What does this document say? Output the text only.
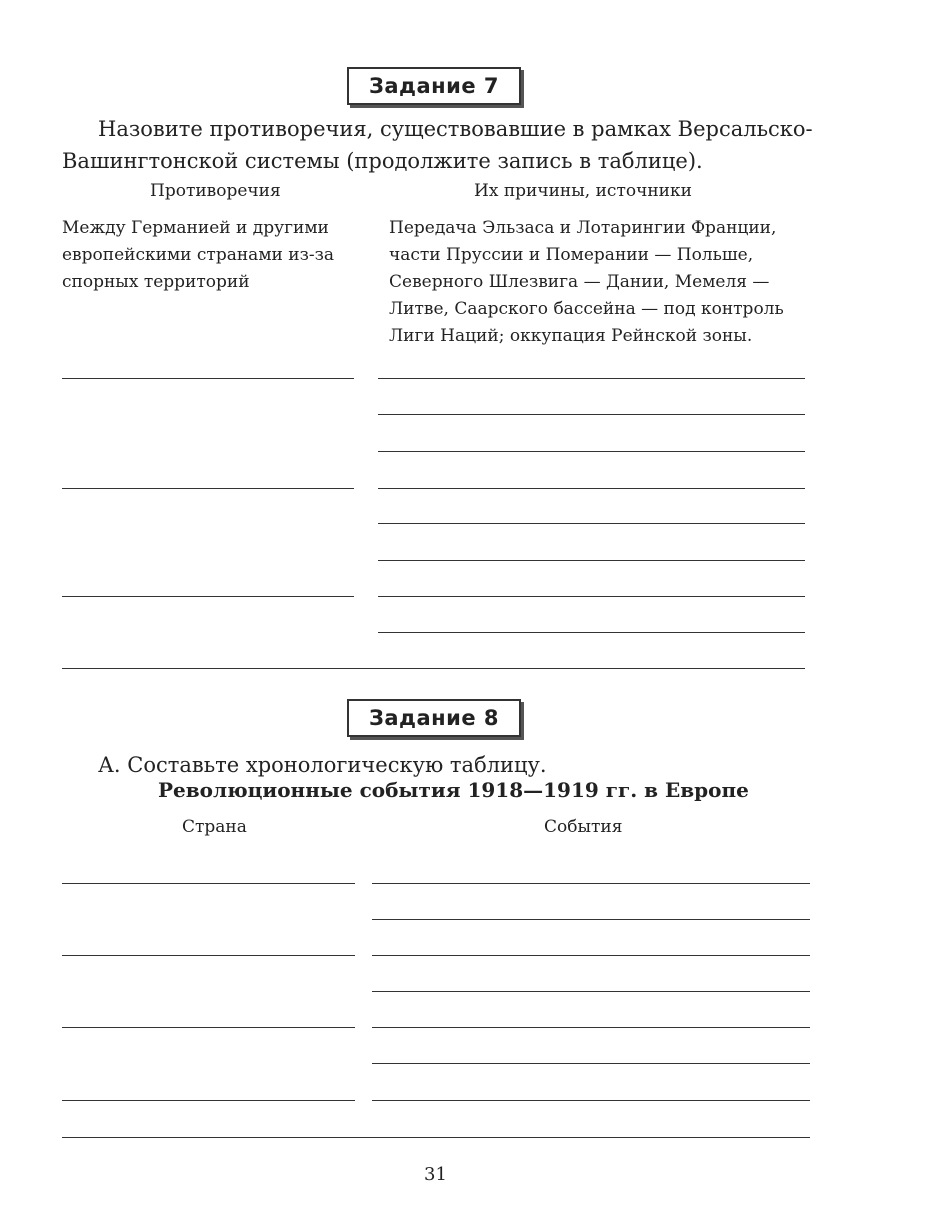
Задание 7
Назовите противоречия, существовавшие в рамках Версальско-
Вашингтонской системы (продолжите запись в таблице).
Противоречия	Их причины, источники
Между Германией и другими
европейскими странами из-за
спорных территорий
Передача Эльзаса и Лотарингии Франции,
части Пруссии и Померании — Польше,
Северного Шлезвига — Дании, Мемеля —
Литве, Саарского бассейна — под контроль
Лиги Наций; оккупация Рейнской зоны.
Задание 8
А. Составьте хронологическую таблицу.
Революционные события 1918—1919 гг. в Европе
Страна	События
31
